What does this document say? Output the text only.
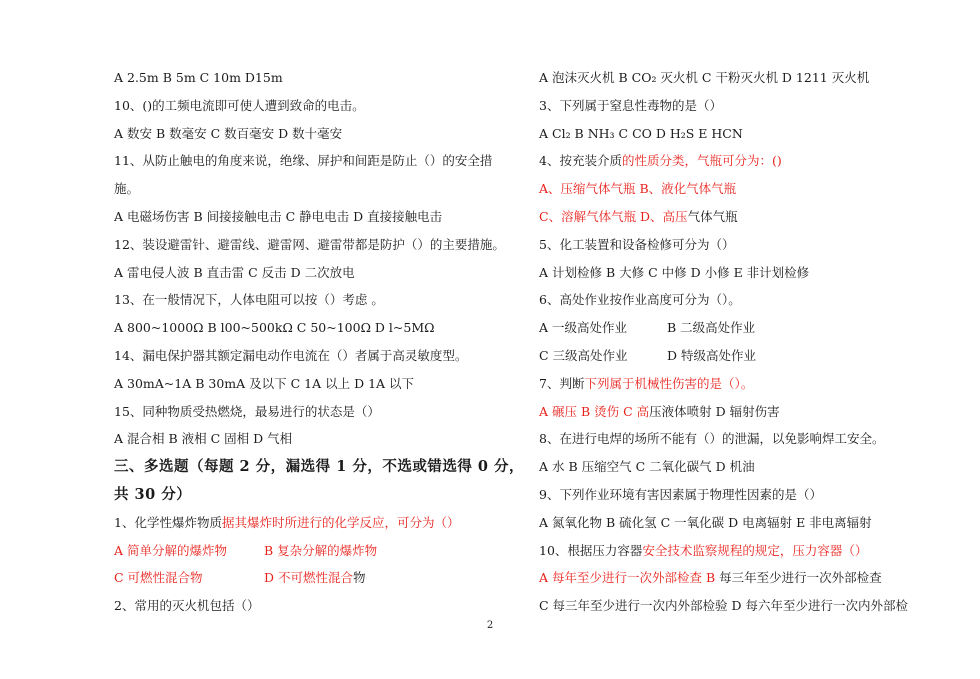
A 2.5m B 5m C 10m D15m
10、()的工频电流即可使人遭到致命的电击。
A 数安 B 数毫安 C 数百毫安 D 数十毫安
11、从防止触电的角度来说，绝缘、屏护和间距是防止（）的安全措
施。
A 电磁场伤害 B 间接接触电击 C 静电电击 D 直接接触电击
12、装设避雷针、避雷线、避雷网、避雷带都是防护（）的主要措施。
A 雷电侵人波 B 直击雷 C 反击 D 二次放电
13、在一般情况下，人体电阻可以按（）考虑 。
A 800~1000Ω B l00~500kΩ C 50~100Ω D l~5MΩ
14、漏电保护器其额定漏电动作电流在（）者属于高灵敏度型。
A 30mA~1A B 30mA 及以下 C 1A 以上 D 1A 以下
15、同种物质受热燃烧，最易进行的状态是（）
A 混合相 B 液相 C 固相 D 气相
三、多选题（每题 2 分，漏选得 1 分，不选或错选得 0 分，
共 30 分）
1、化学性爆炸物质据其爆炸时所进行的化学反应，可分为（）
A 简单分解的爆炸物	B 复杂分解的爆炸物
C 可燃性混合物	D 不可燃性混合物
2、常用的灭火机包括（）
A 泡沫灭火机 B CO₂ 灭火机 C 干粉灭火机 D 1211 灭火机
3、下列属于窒息性毒物的是（）
A Cl₂ B NH₃ C CO D H₂S E HCN
4、按充装介质的性质分类，气瓶可分为：()
A、压缩气体气瓶 B、液化气体气瓶
C、溶解气体气瓶 D、高压气体气瓶
5、化工装置和设备检修可分为（）
A 计划检修 B 大修 C 中修 D 小修 E 非计划检修
6、高处作业按作业高度可分为（）。
A 一级高处作业	B 二级高处作业
C 三级高处作业	D 特级高处作业
7、判断下列属于机械性伤害的是（）。
A 碾压 B 烫伤 C 高压液体喷射 D 辐射伤害
8、在进行电焊的场所不能有（）的泄漏，以免影响焊工安全。
A 水 B 压缩空气 C 二氧化碳气 D 机油
9、下列作业环境有害因素属于物理性因素的是（）
A 氮氧化物 B 硫化氢 C 一氧化碳 D 电离辐射 E 非电离辐射
10、根据压力容器安全技术监察规程的规定，压力容器（）
A 每年至少进行一次外部检查 B 每三年至少进行一次外部检查
C 每三年至少进行一次内外部检验 D 每六年至少进行一次内外部检
2
